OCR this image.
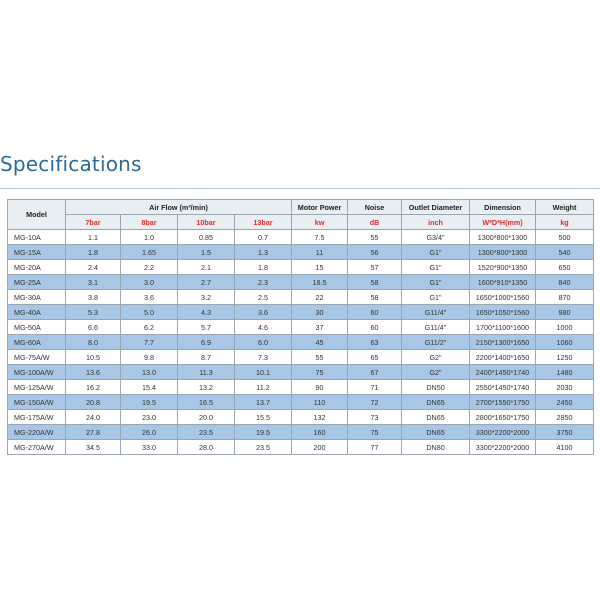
Specifications
Model	Air Flow (m³/min)				Motor Power	Noise	Outlet Diameter	Dimension	Weight
	7bar	8bar	10bar	13bar	kw	dB	inch	W*D*H(mm)	kg
MG-10A	1.1	1.0	0.85	0.7	7.5	55	G3/4"	1300*800*1300	500
MG-15A	1.8	1.65	1.5	1.3	11	56	G1"	1300*800*1300	540
MG-20A	2.4	2.2	2.1	1.8	15	57	G1"	1520*900*1350	650
MG-25A	3.1	3.0	2.7	2.3	18.5	58	G1"	1600*910*1350	840
MG-30A	3.8	3.6	3.2	2.5	22	58	G1"	1650*1000*1560	870
MG-40A	5.3	5.0	4.3	3.6	30	60	G11/4"	1650*1050*1560	980
MG-50A	6.6	6.2	5.7	4.6	37	60	G11/4"	1700*1100*1600	1000
MG-60A	8.0	7.7	6.9	6.0	45	63	G11/2"	2150*1300*1650	1060
MG-75A/W	10.5	9.8	8.7	7.3	55	65	G2"	2200*1400*1650	1250
MG-100A/W	13.6	13.0	11.3	10.1	75	67	G2"	2400*1450*1740	1480
MG-125A/W	16.2	15.4	13.2	11.2	90	71	DN50	2550*1450*1740	2030
MG-150A/W	20.8	19.5	16.5	13.7	110	72	DN65	2700*1550*1750	2450
MG-175A/W	24.0	23.0	20.0	15.5	132	73	DN65	2800*1650*1750	2850
MG-220A/W	27.8	26.0	23.5	19.5	160	75	DN65	3300*2200*2000	3750
MG-270A/W	34.5	33.0	28.0	23.5	200	77	DN80	3300*2200*2000	4100
